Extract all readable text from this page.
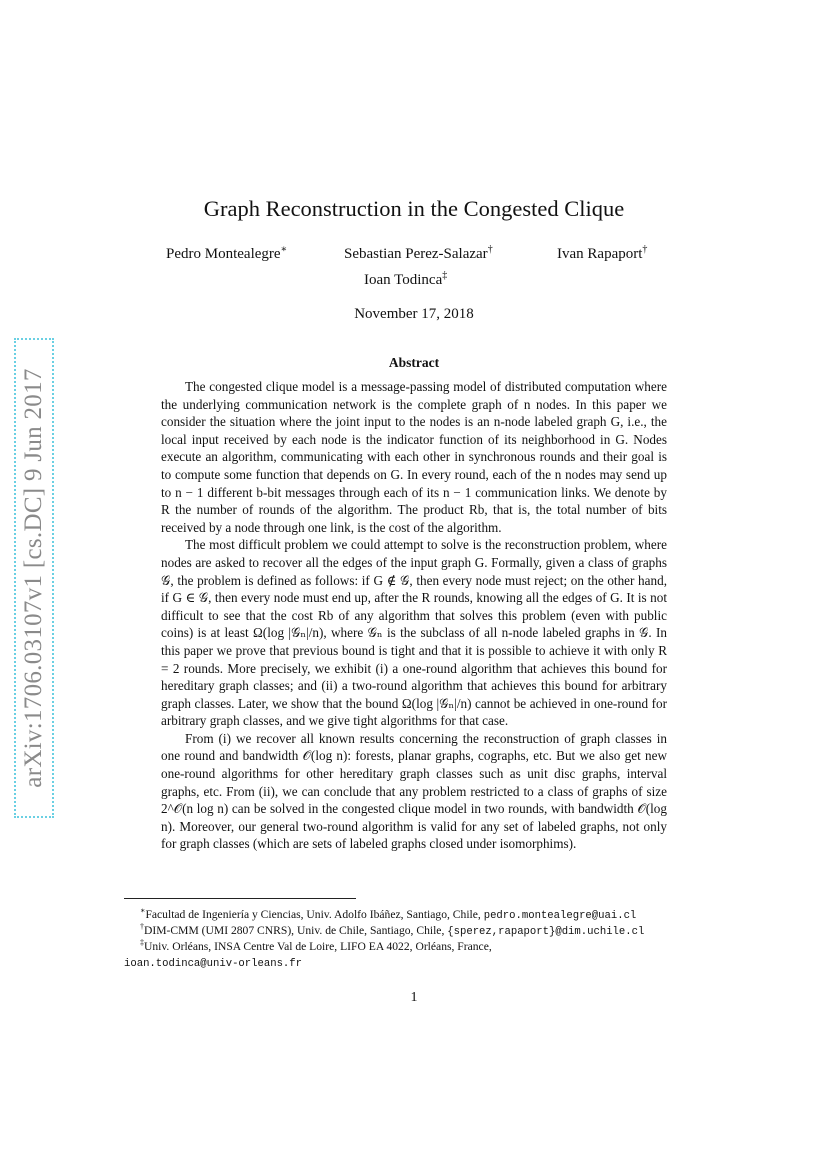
arXiv:1706.03107v1 [cs.DC] 9 Jun 2017
Graph Reconstruction in the Congested Clique
Pedro Montealegre∗	Sebastian Perez-Salazar†	Ivan Rapaport†
Ioan Todinca‡
November 17, 2018
Abstract

The congested clique model is a message-passing model of distributed computation where the underlying communication network is the complete graph of n nodes. In this paper we consider the situation where the joint input to the nodes is an n-node labeled graph G, i.e., the local input received by each node is the indicator function of its neighborhood in G. Nodes execute an algorithm, communicating with each other in synchronous rounds and their goal is to compute some function that depends on G. In every round, each of the n nodes may send up to n − 1 different b-bit messages through each of its n − 1 communication links. We denote by R the number of rounds of the algorithm. The product Rb, that is, the total number of bits received by a node through one link, is the cost of the algorithm.

The most difficult problem we could attempt to solve is the reconstruction problem, where nodes are asked to recover all the edges of the input graph G. Formally, given a class of graphs 𝒢, the problem is defined as follows: if G ∉ 𝒢, then every node must reject; on the other hand, if G ∈ 𝒢, then every node must end up, after the R rounds, knowing all the edges of G. It is not difficult to see that the cost Rb of any algorithm that solves this problem (even with public coins) is at least Ω(log |𝒢ₙ|/n), where 𝒢ₙ is the subclass of all n-node labeled graphs in 𝒢. In this paper we prove that previous bound is tight and that it is possible to achieve it with only R = 2 rounds. More precisely, we exhibit (i) a one-round algorithm that achieves this bound for hereditary graph classes; and (ii) a two-round algorithm that achieves this bound for arbitrary graph classes. Later, we show that the bound Ω(log |𝒢ₙ|/n) cannot be achieved in one-round for arbitrary graph classes, and we give tight algorithms for that case.

From (i) we recover all known results concerning the reconstruction of graph classes in one round and bandwidth 𝒪(log n): forests, planar graphs, cographs, etc. But we also get new one-round algorithms for other hereditary graph classes such as unit disc graphs, interval graphs, etc. From (ii), we can conclude that any problem restricted to a class of graphs of size 2^𝒪(n log n) can be solved in the congested clique model in two rounds, with bandwidth 𝒪(log n). Moreover, our general two-round algorithm is valid for any set of labeled graphs, not only for graph classes (which are sets of labeled graphs closed under isomorphims).

∗Facultad de Ingeniería y Ciencias, Univ. Adolfo Ibáñez, Santiago, Chile, pedro.montealegre@uai.cl
†DIM-CMM (UMI 2807 CNRS), Univ. de Chile, Santiago, Chile, {sperez,rapaport}@dim.uchile.cl
‡Univ. Orléans, INSA Centre Val de Loire, LIFO EA 4022, Orléans, France,
ioan.todinca@univ-orleans.fr
1
